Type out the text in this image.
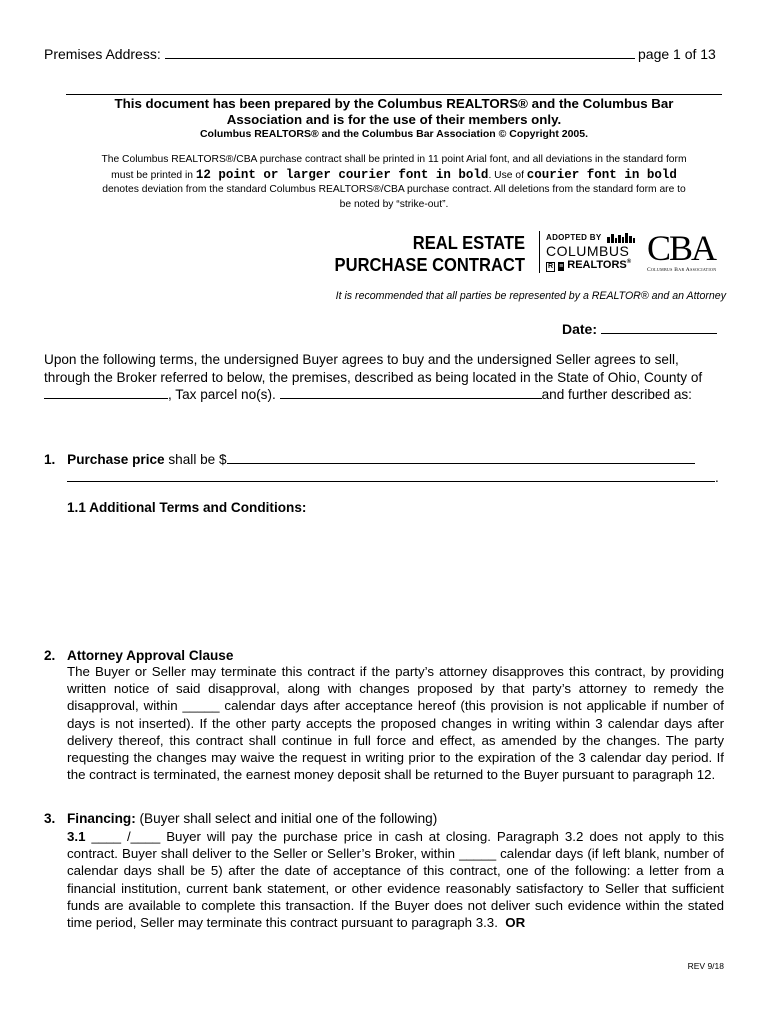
Premises Address:	page 1 of 13
This document has been prepared by the Columbus REALTORS® and the Columbus Bar
Association and is for the use of their members only.
Columbus REALTORS® and the Columbus Bar Association © Copyright 2005.
The Columbus REALTORS®/CBA purchase contract shall be printed in 11 point Arial font, and all deviations in the standard form
must be printed in 12 point or larger courier font in bold. Use of courier font in bold
denotes deviation from the standard Columbus REALTORS®/CBA purchase contract. All deletions from the standard form are to
be noted by “strike-out”.
REAL ESTATE
PURCHASE CONTRACT
ADOPTED BY
COLUMBUS
R ≡ REALTORS® CBA
Columbus Bar Association
It is recommended that all parties be represented by a REALTOR® and an Attorney
Date:
Upon the following terms, the undersigned Buyer agrees to buy and the undersigned Seller agrees to sell,
through the Broker referred to below, the premises, described as being located in the State of Ohio, County of
, Tax parcel no(s).	and further described as:
1. Purchase price shall be $
.
1.1 Additional Terms and Conditions:
2. Attorney Approval Clause
The Buyer or Seller may terminate this contract if the party’s attorney disapproves this contract, by providing written notice of said disapproval, along with changes proposed by that party’s attorney to remedy the disapproval, within _____ calendar days after acceptance hereof (this provision is not applicable if number of days is not inserted). If the other party accepts the proposed changes in writing within 3 calendar days after delivery thereof, this contract shall continue in full force and effect, as amended by the changes. The party requesting the changes may waive the request in writing prior to the expiration of the 3 calendar day period. If the contract is terminated, the earnest money deposit shall be returned to the Buyer pursuant to paragraph 12.
3. Financing: (Buyer shall select and initial one of the following)
3.1 ____ /____ Buyer will pay the purchase price in cash at closing. Paragraph 3.2 does not apply to this contract. Buyer shall deliver to the Seller or Seller’s Broker, within _____ calendar days (if left blank, number of calendar days shall be 5) after the date of acceptance of this contract, one of the following: a letter from a financial institution, current bank statement, or other evidence reasonably satisfactory to Seller that sufficient funds are available to complete this transaction. If the Buyer does not deliver such evidence within the stated time period, Seller may terminate this contract pursuant to paragraph 3.3. OR
REV 9/18
